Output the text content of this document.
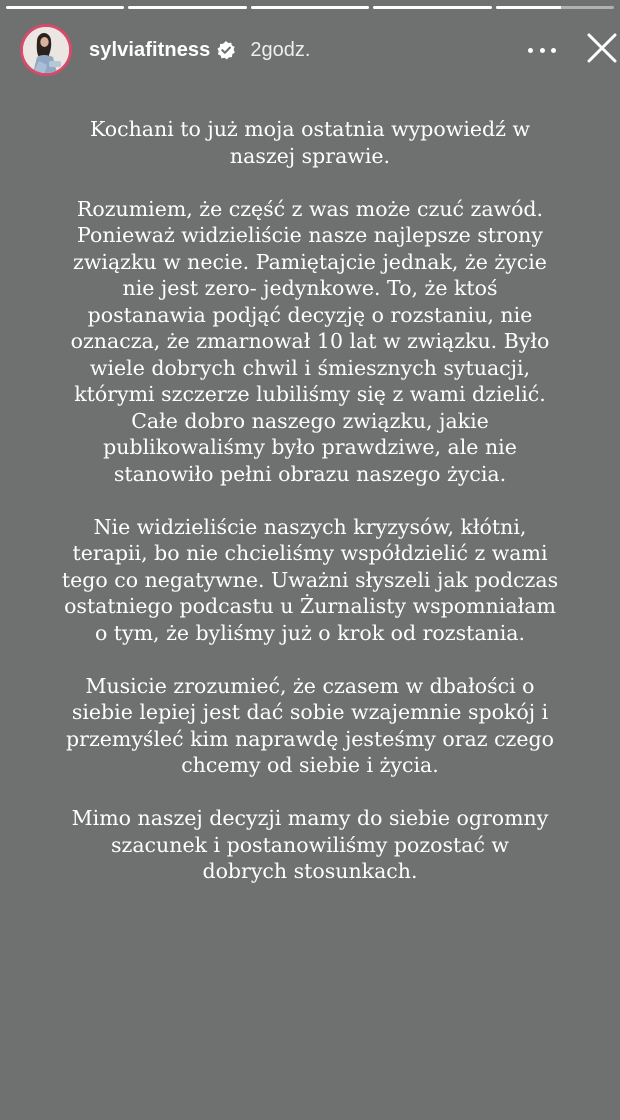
sylviafitness 2godz.

Kochani to już moja ostatnia wypowiedź w
naszej sprawie.

Rozumiem, że część z was może czuć zawód.
Ponieważ widzieliście nasze najlepsze strony
związku w necie. Pamiętajcie jednak, że życie
nie jest zero- jedynkowe. To, że ktoś
postanawia podjąć decyzję o rozstaniu, nie
oznacza, że zmarnował 10 lat w związku. Było
wiele dobrych chwil i śmiesznych sytuacji,
którymi szczerze lubiliśmy się z wami dzielić.
Całe dobro naszego związku, jakie
publikowaliśmy było prawdziwe, ale nie
stanowiło pełni obrazu naszego życia.

Nie widzieliście naszych kryzysów, kłótni,
terapii, bo nie chcieliśmy współdzielić z wami
tego co negatywne. Uważni słyszeli jak podczas
ostatniego podcastu u Żurnalisty wspomniałam
o tym, że byliśmy już o krok od rozstania.

Musicie zrozumieć, że czasem w dbałości o
siebie lepiej jest dać sobie wzajemnie spokój i
przemyśleć kim naprawdę jesteśmy oraz czego
chcemy od siebie i życia.

Mimo naszej decyzji mamy do siebie ogromny
szacunek i postanowiliśmy pozostać w
dobrych stosunkach.
